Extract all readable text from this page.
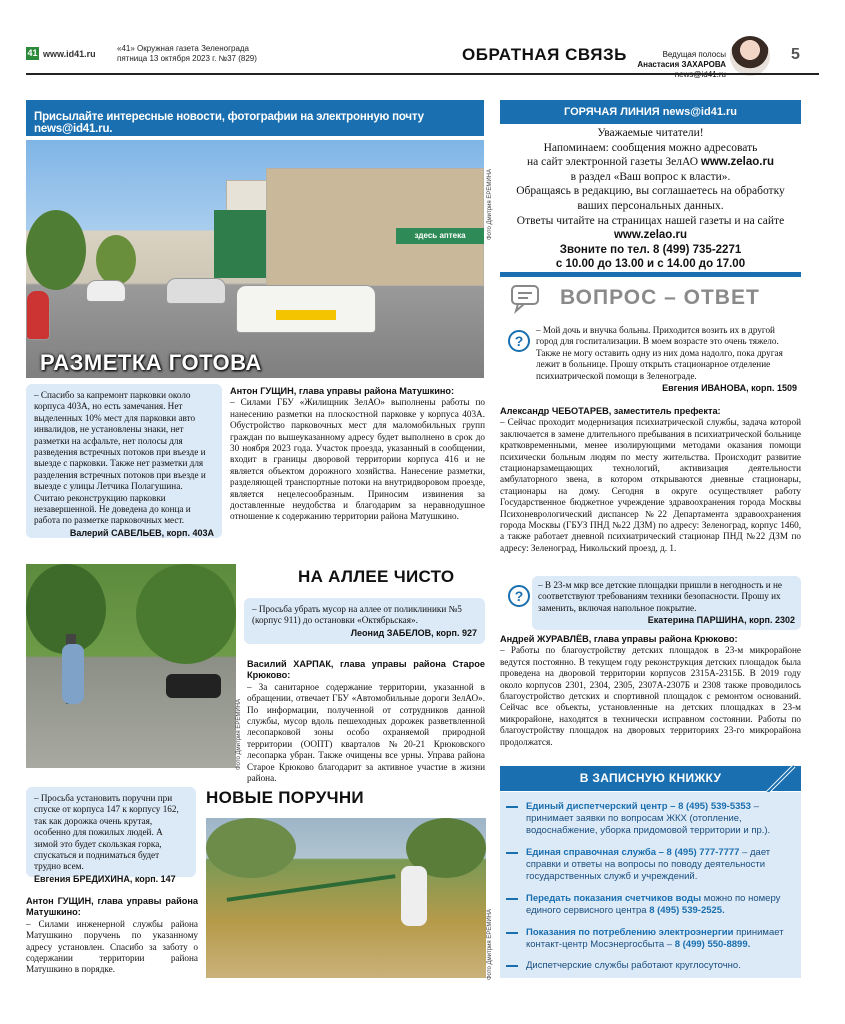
41 www.id41.ru
«41» Окружная газета Зеленограда
пятница 13 октября 2023 г. №37 (829)	ОБРАТНАЯ СВЯЗЬ	Ведущая полосы
Анастасия ЗАХАРОВА
5
Присылайте интересные новости, фотографии на электронную почту news@id41.ru.
здесь аптека	Фото Дмитрия ЕРЁМИНА
РАЗМЕТКА ГОТОВА
– Спасибо за капремонт парковки около корпуса 403А, но есть замечания. Нет выделенных 10% мест для парковки авто инвалидов, не установлены знаки, нет разметки на асфальте, нет полосы для разведения встречных потоков при въезде и выезде с парковки. Также нет разметки для разделения встречных потоков при въезде и выезде с улицы Летчика Полагушина. Считаю реконструкцию парковки незавершенной. Не доведена до конца и работа по разметке парковочных мест.
Валерий САВЕЛЬЕВ, корп. 403А
Антон ГУЩИН, глава управы района Матушкино:
– Силами ГБУ «Жилищник ЗелАО» выполнены работы по нанесению разметки на плоскостной парковке у корпуса 403А. Обустройство парковочных мест для маломобильных групп граждан по вышеуказанному адресу будет выполнено в срок до 30 ноября 2023 года. Участок проезда, указанный в сообщении, входит в границы дворовой территории корпуса 416 и не является объектом дорожного хозяйства. Нанесение разметки, разделяющей транспортные потоки на внутридворовом проезде, является нецелесообразным. Приносим извинения за доставленные неудобства и благодарим за неравнодушное отношение к содержанию территории района Матушкино.
Фото Дмитрия ЕРЁМИНА
НА АЛЛЕЕ ЧИСТО
– Просьба убрать мусор на аллее от поликлиники №5 (корпус 911) до остановки «Октябрьская».
Леонид ЗАБЕЛОВ, корп. 927
Василий ХАРПАК, глава управы района Старое Крюково:
– За санитарное содержание территории, указанной в обращении, отвечает ГБУ «Автомобильные дороги ЗелАО». По информации, полученной от сотрудников данной службы, мусор вдоль пешеходных дорожек разветвленной лесопарковой зоны особо охраняемой природной территории (ООПТ) кварталов №20-21 Крюковского лесопарка убран. Также очищены все урны. Управа района Старое Крюково благодарит за активное участие в жизни района.
– Просьба установить поручни при спуске от корпуса 147 к корпусу 162, так как дорожка очень крутая, особенно для пожилых людей. А зимой это будет скользкая горка, спускаться и подниматься будет трудно всем.
Евгения БРЕДИХИНА, корп. 147
НОВЫЕ ПОРУЧНИ
Антон ГУЩИН, глава управы района Матушкино:
– Силами инженерной службы района Матушкино поручень по указанному адресу установлен. Спасибо за заботу о содержании территории района Матушкино в порядке.	Фото Дмитрия ЕРЁМИНА
ГОРЯЧАЯ ЛИНИЯ news@id41.ru
Уважаемые читатели!
Напоминаем: сообщения можно адресовать
на сайт электронной газеты ЗелАО www.zelao.ru
в раздел «Ваш вопрос к власти».
Обращаясь в редакцию, вы соглашаетесь на обработку
ваших персональных данных.
Ответы читайте на страницах нашей газеты и на сайте
www.zelao.ru
Звоните по тел. 8 (499) 735-2271
с 10.00 до 13.00 и с 14.00 до 17.00
ВОПРОС – ОТВЕТ
?
– Мой дочь и внучка больны. Приходится возить их в другой город для госпитализации. В моем возрасте это очень тяжело. Также не могу оставить одну из них дома надолго, пока другая лежит в больнице. Прошу открыть стационарное отделение психиатрической помощи в Зеленограде.
Евгения ИВАНОВА, корп. 1509
Александр ЧЕБОТАРЕВ, заместитель префекта:
– Сейчас проходит модернизация психиатрической службы, задача которой заключается в замене длительного пребывания в психиатрической больнице кратковременными, менее изолирующими методами оказания помощи психически больным людям по месту жительства. Происходит развитие стационарзамещающих технологий, активизация деятельности амбулаторного звена, в котором открываются дневные стационары, стационары на дому. Сегодня в округе осуществляет работу Государственное бюджетное учреждение здравоохранения города Москвы Психоневрологический диспансер №22 Департамента здравоохранения города Москвы (ГБУЗ ПНД №22 ДЗМ) по адресу: Зеленоград, корпус 1460, а также работает дневной психиатрический стационар ПНД №22 ДЗМ по адресу: Зеленоград, Никольский проезд, д. 1.
?
– В 23-м мкр все детские площадки пришли в негодность и не соответствуют требованиям техники безопасности. Прошу их заменить, включая напольное покрытие.
Екатерина ПАРШИНА, корп. 2302
Андрей ЖУРАВЛЁВ, глава управы района Крюково:
– Работы по благоустройству детских площадок в 23-м микрорайоне ведутся постоянно. В текущем году реконструкция детских площадок была проведена на дворовой территории корпусов 2315А-2315Б. В 2019 году около корпусов 2301, 2304, 2305, 2307А-2307Б и 2308 также проводилось благоустройство детских и спортивной площадок с ремонтом оснований. Сейчас все объекты, установленные на детских площадках в 23-м микрорайоне, находятся в технически исправном состоянии. Работы по благоустройству площадок на дворовых территориях 23-го микрорайона продолжатся.
В ЗАПИСНУЮ КНИЖКУ
Единый диспетчерский центр – 8 (495) 539-5353 – принимает заявки по вопросам ЖКХ (отопление, водоснабжение, уборка придомовой территории и пр.).
Единая справочная служба – 8 (495) 777-7777 – дает справки и ответы на вопросы по поводу деятельности государственных служб и учреждений.
Передать показания счетчиков воды можно по номеру единого сервисного центра 8 (495) 539-2525.
Показания по потреблению электроэнергии принимает контакт-центр Мосэнергосбыта – 8 (499) 550-8899.
Диспетчерские службы работают круглосуточно.
